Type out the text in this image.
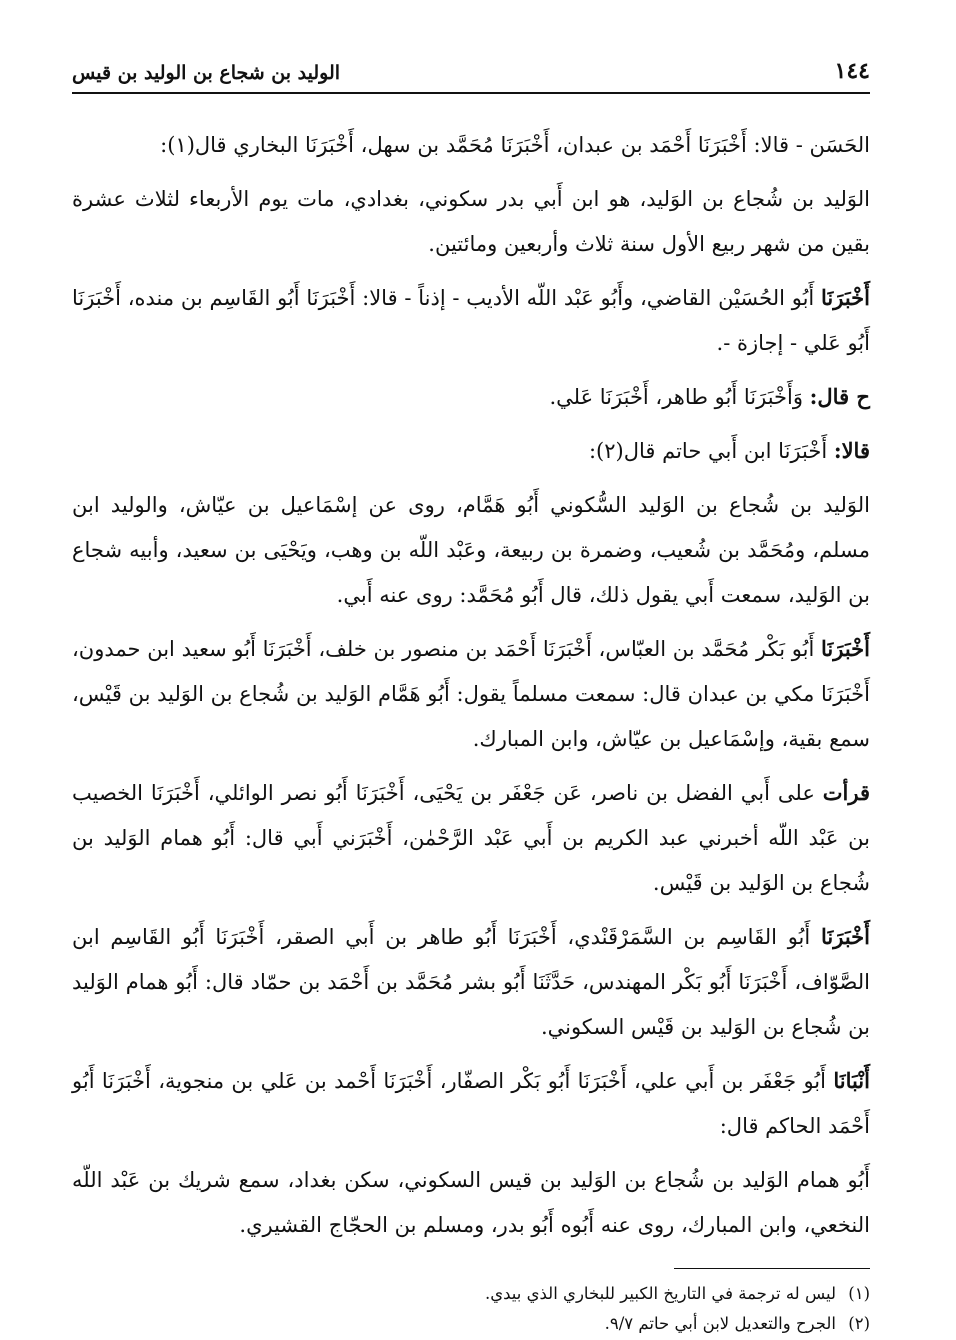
١٤٤
الوليد بن شجاع بن الوليد بن قيس

الحَسَن - قالا: أَخْبَرَنَا أَحْمَد بن عبدان، أَخْبَرَنَا مُحَمَّد بن سهل، أَخْبَرَنَا البخاري قال(١):

الوَليد بن شُجاع بن الوَليد، هو ابن أَبي بدر سكوني، بغدادي، مات يوم الأربعاء لثلاث عشرة بقين من شهر ربيع الأول سنة ثلاث وأربعين ومائتين.

أَخْبَرَنَا أَبُو الحُسَيْن القاضي، وأَبُو عَبْد اللّه الأديب - إذناً - قالا: أَخْبَرَنَا أَبُو القَاسِم بن منده، أَخْبَرَنَا أَبُو عَلي - إجازة -.

ح قال: وَأَخْبَرَنَا أَبُو طاهر، أَخْبَرَنَا عَلي.

قالا: أَخْبَرَنَا ابن أَبي حاتم قال(٢):

الوَليد بن شُجاع بن الوَليد السُّكوني أَبُو هَمَّام، روى عن إسْمَاعيل بن عيّاش، والوليد ابن مسلم، ومُحَمَّد بن شُعيب، وضمرة بن ربيعة، وعَبْد اللّه بن وهب، ويَحْيَى بن سعيد، وأبيه شجاع بن الوَليد، سمعت أَبي يقول ذلك، قال أَبُو مُحَمَّد: روى عنه أَبي.

أَخْبَرَنَا أَبُو بَكْر مُحَمَّد بن العبّاس، أَخْبَرَنَا أَحْمَد بن منصور بن خلف، أَخْبَرَنَا أَبُو سعيد ابن حمدون، أَخْبَرَنَا مكي بن عبدان قال: سمعت مسلماً يقول: أَبُو هَمَّام الوَليد بن شُجاع بن الوَليد بن قَيْس، سمع بقية، وإسْمَاعيل بن عيّاش، وابن المبارك.

قرأت على أَبي الفضل بن ناصر، عَن جَعْفَر بن يَحْيَى، أَخْبَرَنَا أَبُو نصر الوائلي، أَخْبَرَنَا الخصيب بن عَبْد اللّه أخبرني عبد الكريم بن أَبي عَبْد الرَّحْمٰن، أَخْبَرَني أَبي قال: أَبُو همام الوَليد بن شُجاع بن الوَليد بن قَيْس.

أَخْبَرَنَا أَبُو القَاسِم بن السَّمَرْقَنْدي، أَخْبَرَنَا أَبُو طاهر بن أَبي الصقر، أَخْبَرَنَا أَبُو القَاسِم ابن الصَّوّاف، أَخْبَرَنَا أَبُو بَكْر المهندس، حَدَّثَنَا أَبُو بشر مُحَمَّد بن أَحْمَد بن حمّاد قال: أَبُو همام الوَليد بن شُجاع بن الوَليد بن قَيْس السكوني.

أَنْبَانَا أَبُو جَعْفَر بن أَبي علي، أَخْبَرَنَا أَبُو بَكْر الصفّار، أَخْبَرَنَا أَحْمد بن عَلي بن منجوية، أَخْبَرَنَا أَبُو أَحْمَد الحاكم قال:

أَبُو همام الوَليد بن شُجاع بن الوَليد بن قيس السكوني، سكن بغداد، سمع شريك بن عَبْد اللّه النخعي، وابن المبارك، روى عنه أَبُوه أَبُو بدر، ومسلم بن الحجّاج القشيري.

(١)ليس له ترجمة في التاريخ الكبير للبخاري الذي بيدي.

(٢)الجرح والتعديل لابن أبي حاتم ٩/٧.
